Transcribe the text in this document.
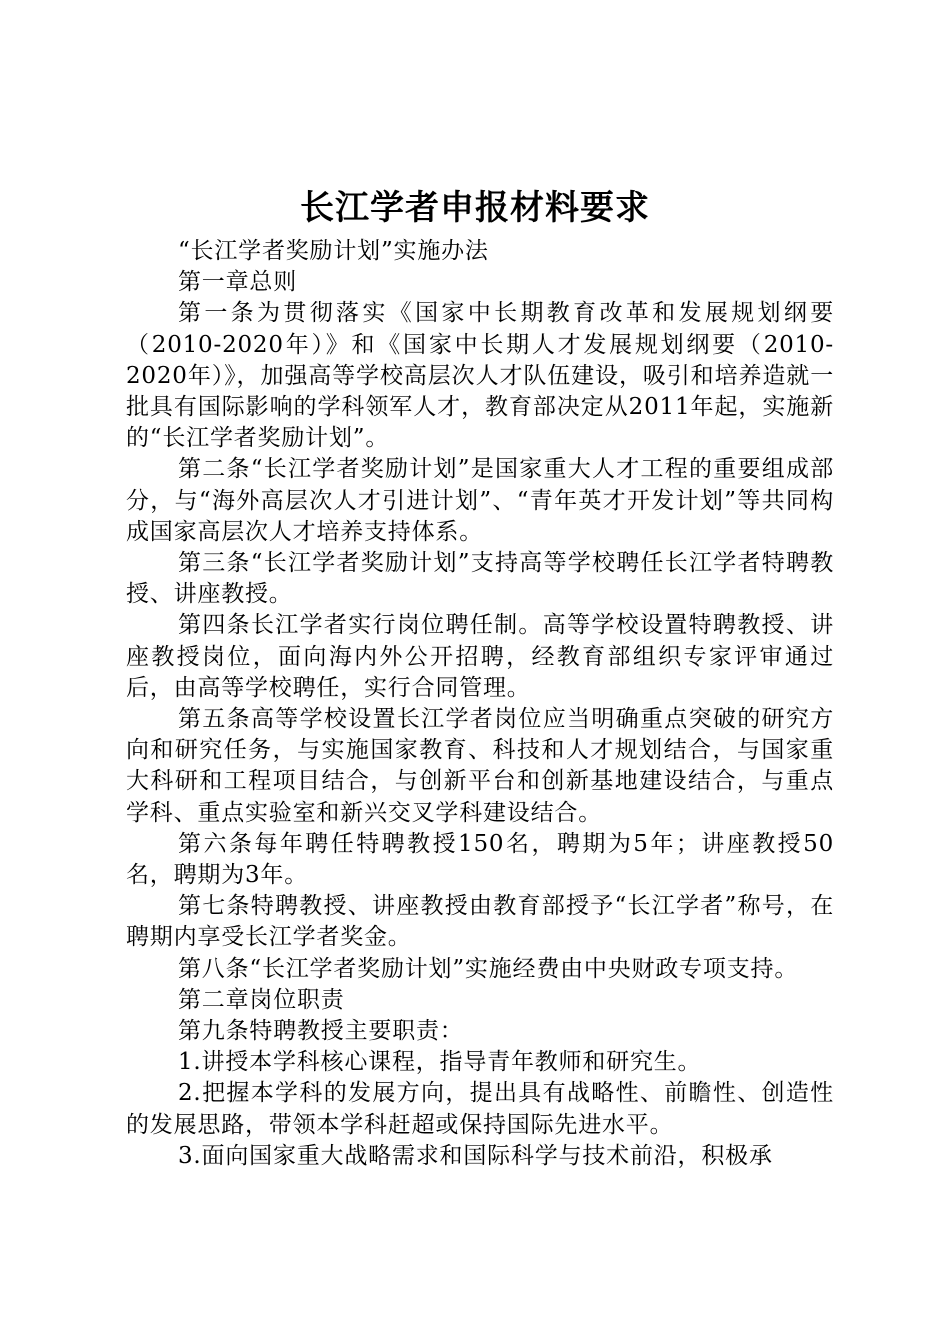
长江学者申报材料要求

“长江学者奖励计划”实施办法

第一章总则

第一条为贯彻落实《国家中长期教育改革和发展规划纲要（2010-2020年）》和《国家中长期人才发展规划纲要（2010-2020年）》，加强高等学校高层次人才队伍建设，吸引和培养造就一批具有国际影响的学科领军人才，教育部决定从2011年起，实施新的“长江学者奖励计划”。

第二条“长江学者奖励计划”是国家重大人才工程的重要组成部分，与“海外高层次人才引进计划”、“青年英才开发计划”等共同构成国家高层次人才培养支持体系。

第三条“长江学者奖励计划”支持高等学校聘任长江学者特聘教授、讲座教授。

第四条长江学者实行岗位聘任制。高等学校设置特聘教授、讲座教授岗位，面向海内外公开招聘，经教育部组织专家评审通过后，由高等学校聘任，实行合同管理。

第五条高等学校设置长江学者岗位应当明确重点突破的研究方向和研究任务，与实施国家教育、科技和人才规划结合，与国家重大科研和工程项目结合，与创新平台和创新基地建设结合，与重点学科、重点实验室和新兴交叉学科建设结合。

第六条每年聘任特聘教授150名，聘期为5年；讲座教授50名，聘期为3年。

第七条特聘教授、讲座教授由教育部授予“长江学者”称号，在聘期内享受长江学者奖金。

第八条“长江学者奖励计划”实施经费由中央财政专项支持。

第二章岗位职责

第九条特聘教授主要职责：

1.讲授本学科核心课程，指导青年教师和研究生。

2.把握本学科的发展方向，提出具有战略性、前瞻性、创造性的发展思路，带领本学科赶超或保持国际先进水平。

3.面向国家重大战略需求和国际科学与技术前沿，积极承
